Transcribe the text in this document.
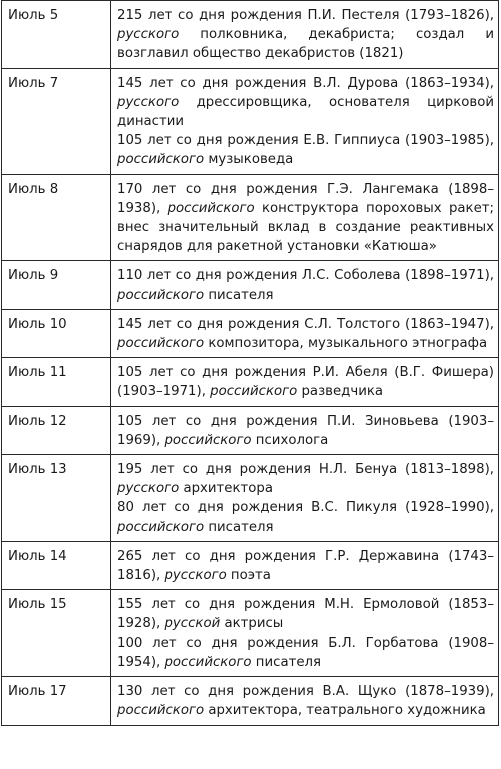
Июль 5	215 лет со дня рождения П.И. Пестеля (1793–1826), русского полковника, декабриста; создал и возглавил общество декабристов (1821)

Июль 7	145 лет со дня рождения В.Л. Дурова (1863–1934), русского дрессировщика, основателя цирковой династии
105 лет со дня рождения Е.В. Гиппиуса (1903–1985), российского музыковеда

Июль 8	170 лет со дня рождения Г.Э. Лангемака (1898–1938), российского конструктора пороховых ракет; внес значительный вклад в создание реактивных снарядов для ракетной установки «Катюша»

Июль 9	110 лет со дня рождения Л.С. Соболева (1898–1971), российского писателя

Июль 10	145 лет со дня рождения С.Л. Толстого (1863–1947), российского композитора, музыкального этнографа

Июль 11	105 лет со дня рождения Р.И. Абеля (В.Г. Фишера) (1903–1971), российского разведчика

Июль 12	105 лет со дня рождения П.И. Зиновьева (1903–1969), российского психолога

Июль 13	195 лет со дня рождения Н.Л. Бенуа (1813–1898), русского архитектора
80 лет со дня рождения В.С. Пикуля (1928–1990), российского писателя

Июль 14	265 лет со дня рождения Г.Р. Державина (1743–1816), русского поэта

Июль 15	155 лет со дня рождения М.Н. Ермоловой (1853–1928), русской актрисы
100 лет со дня рождения Б.Л. Горбатова (1908–1954), российского писателя

Июль 17	130 лет со дня рождения В.А. Щуко (1878–1939), российского архитектора, театрального художника
